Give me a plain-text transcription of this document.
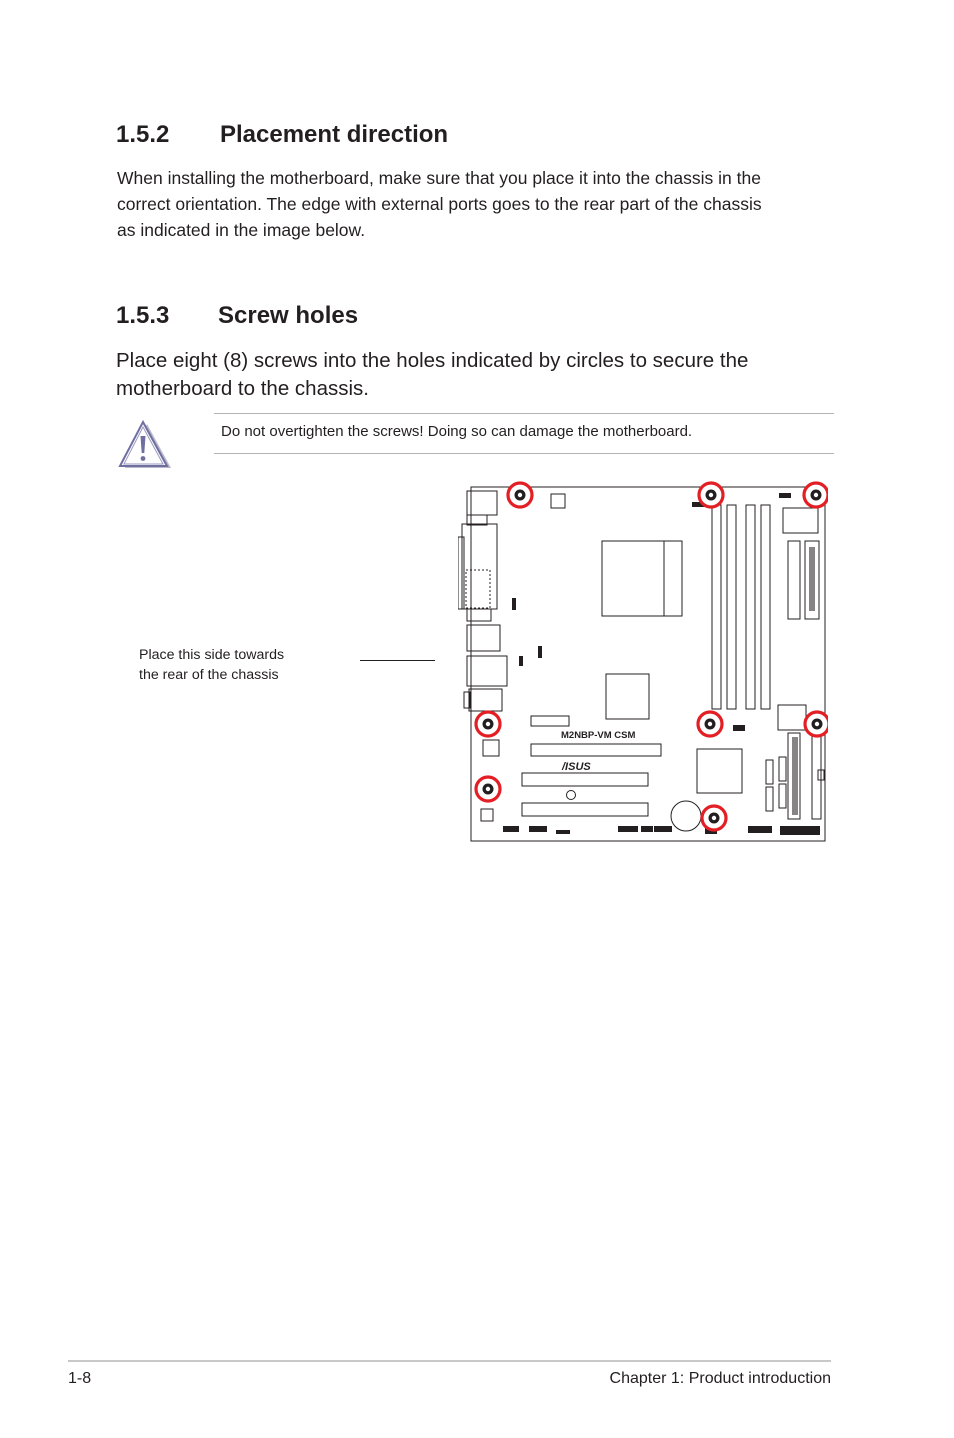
1.5.2 Placement direction
When installing the motherboard, make sure that you place it into the chassis in the
correct orientation. The edge with external ports goes to the rear part of the chassis
as indicated in the image below.
1.5.3 Screw holes
Place eight (8) screws into the holes indicated by circles to secure the
motherboard to the chassis.
Do not overtighten the screws! Doing so can damage the motherboard.
Place this side towards
the rear of the chassis
M2NBP-VM CSM
/ISUS
1-8	Chapter 1: Product introduction
